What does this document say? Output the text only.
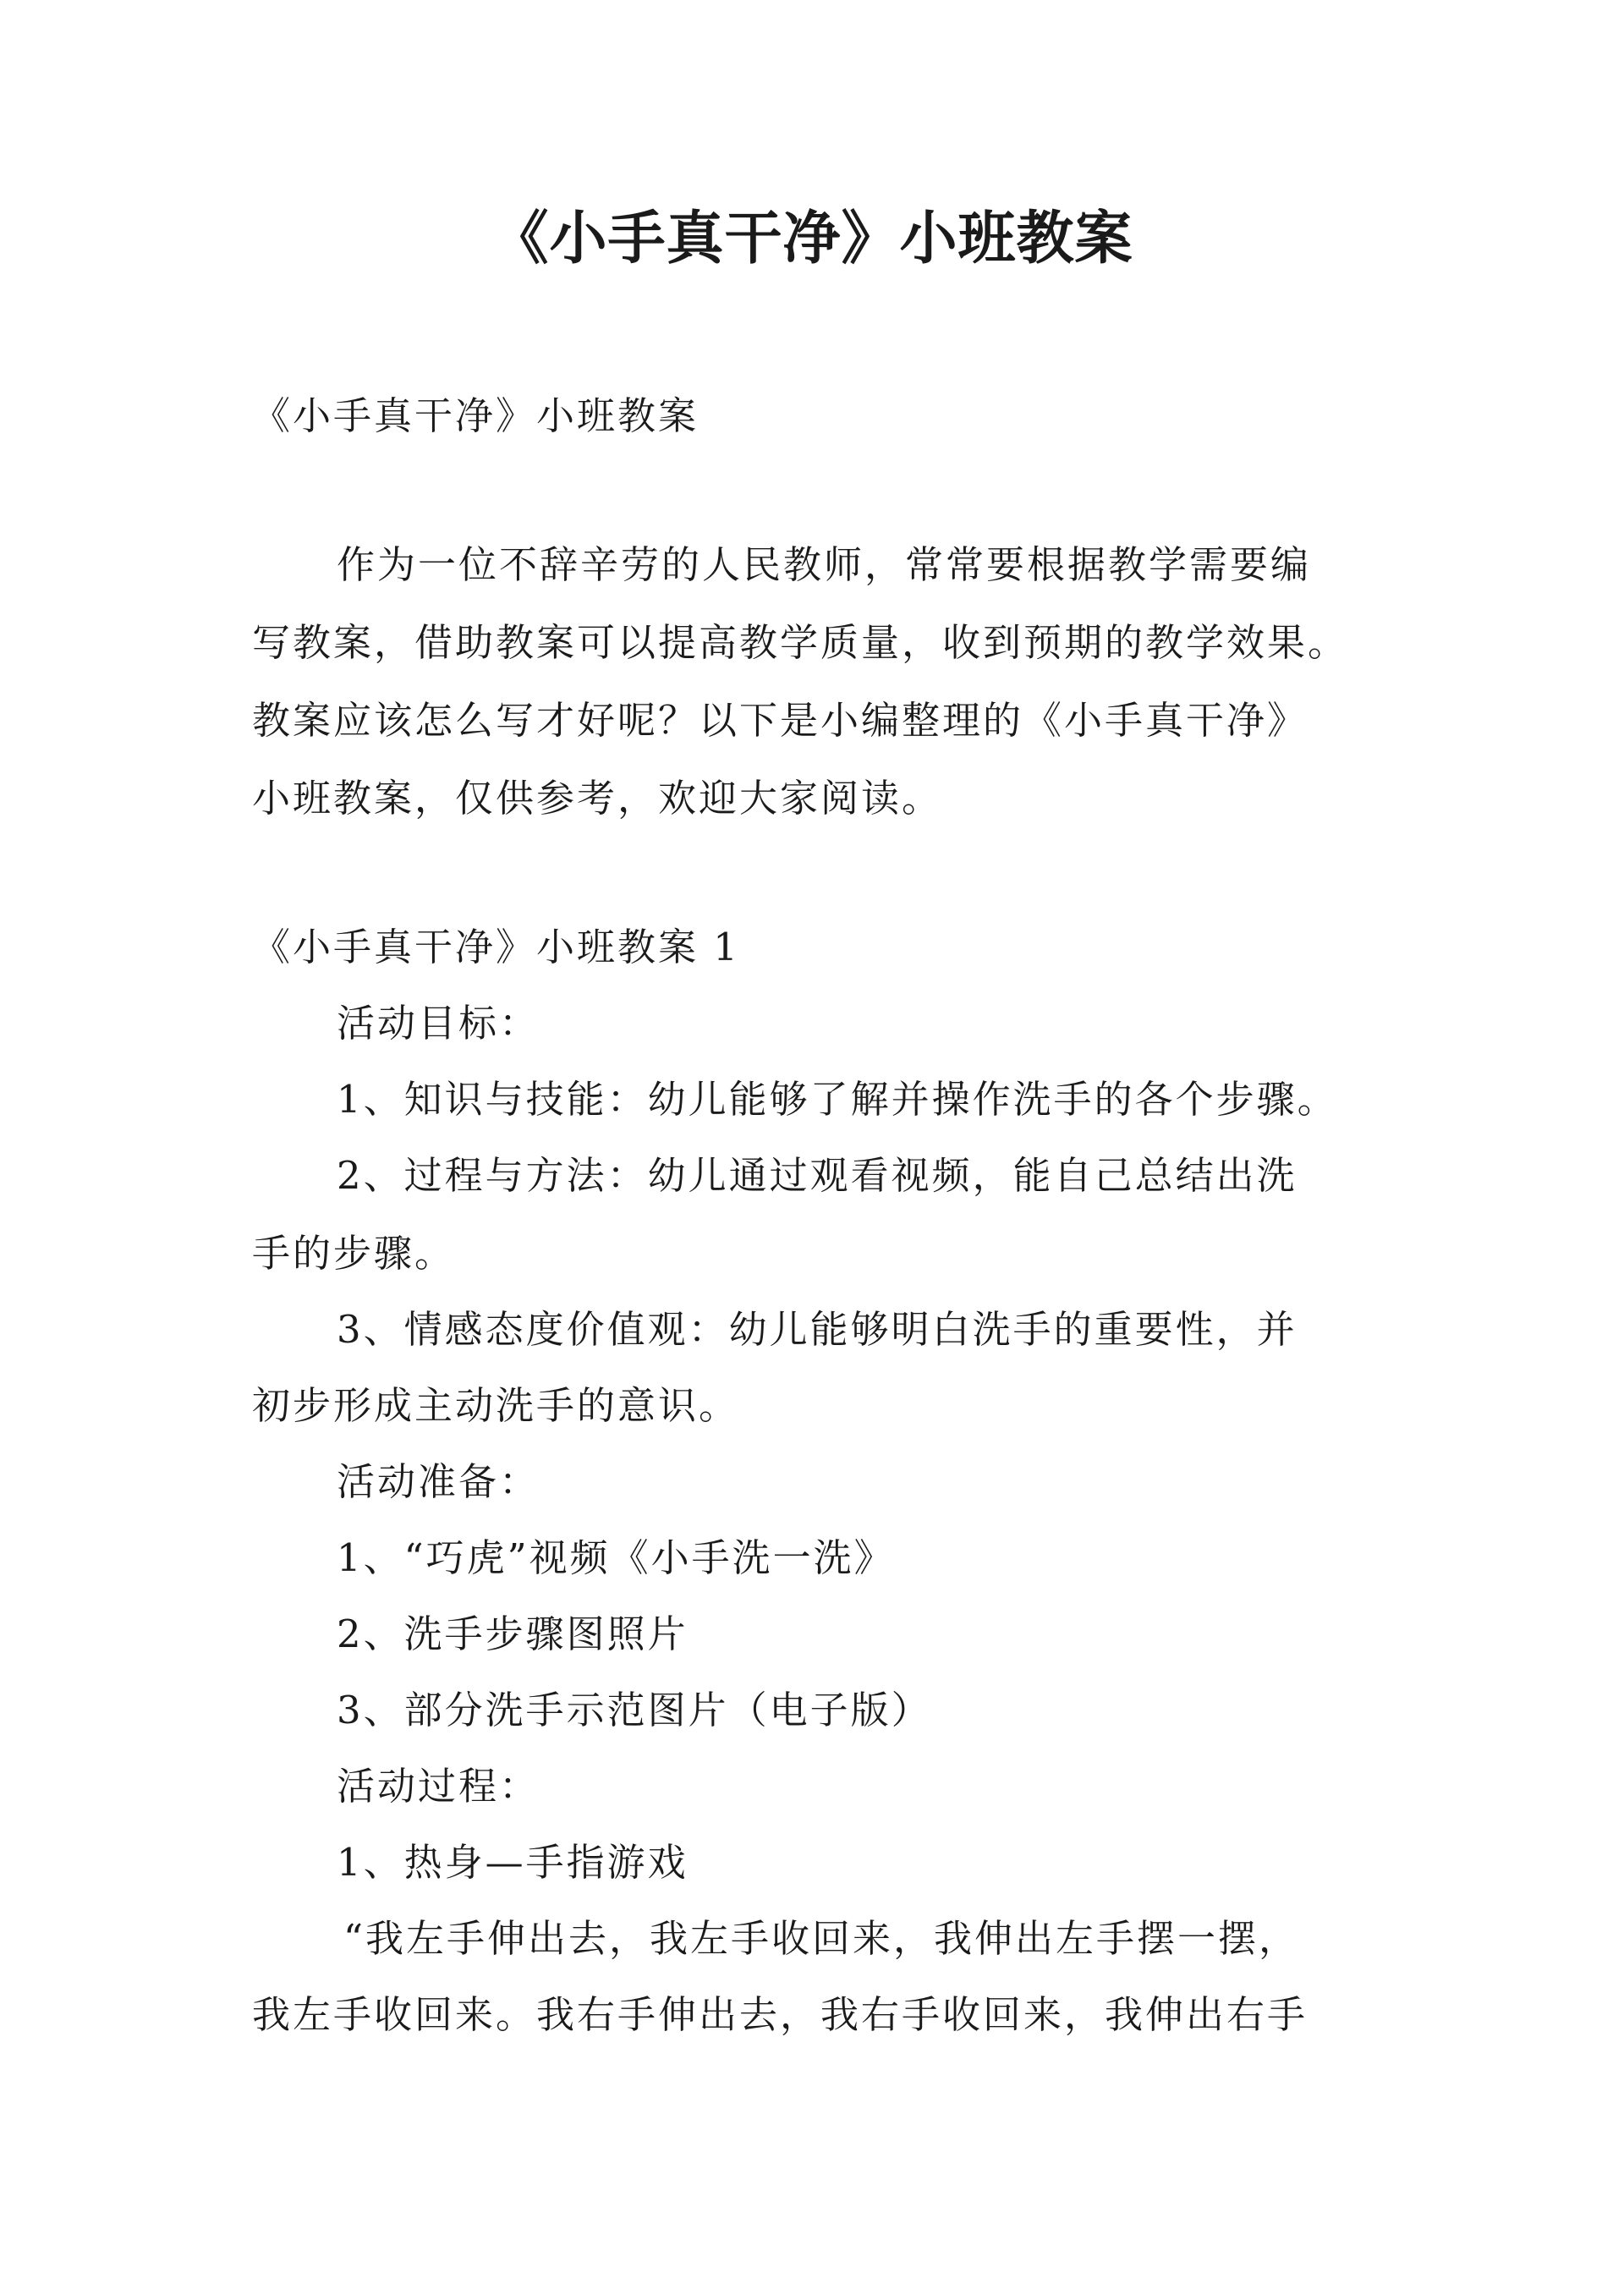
《小手真干净》小班教案
《小手真干净》小班教案
作为一位不辞辛劳的人民教师，常常要根据教学需要编
写教案，借助教案可以提高教学质量，收到预期的教学效果。
教案应该怎么写才好呢？以下是小编整理的《小手真干净》
小班教案，仅供参考，欢迎大家阅读。
《小手真干净》小班教案 1
活动目标：
1、知识与技能：幼儿能够了解并操作洗手的各个步骤。
2、过程与方法：幼儿通过观看视频，能自己总结出洗
手的步骤。
3、情感态度价值观：幼儿能够明白洗手的重要性，并
初步形成主动洗手的意识。
活动准备：
1、“巧虎”视频《小手洗一洗》
2、洗手步骤图照片
3、部分洗手示范图片（电子版）
活动过程：
1、热身—手指游戏
“我左手伸出去，我左手收回来，我伸出左手摆一摆，
我左手收回来。我右手伸出去，我右手收回来，我伸出右手
